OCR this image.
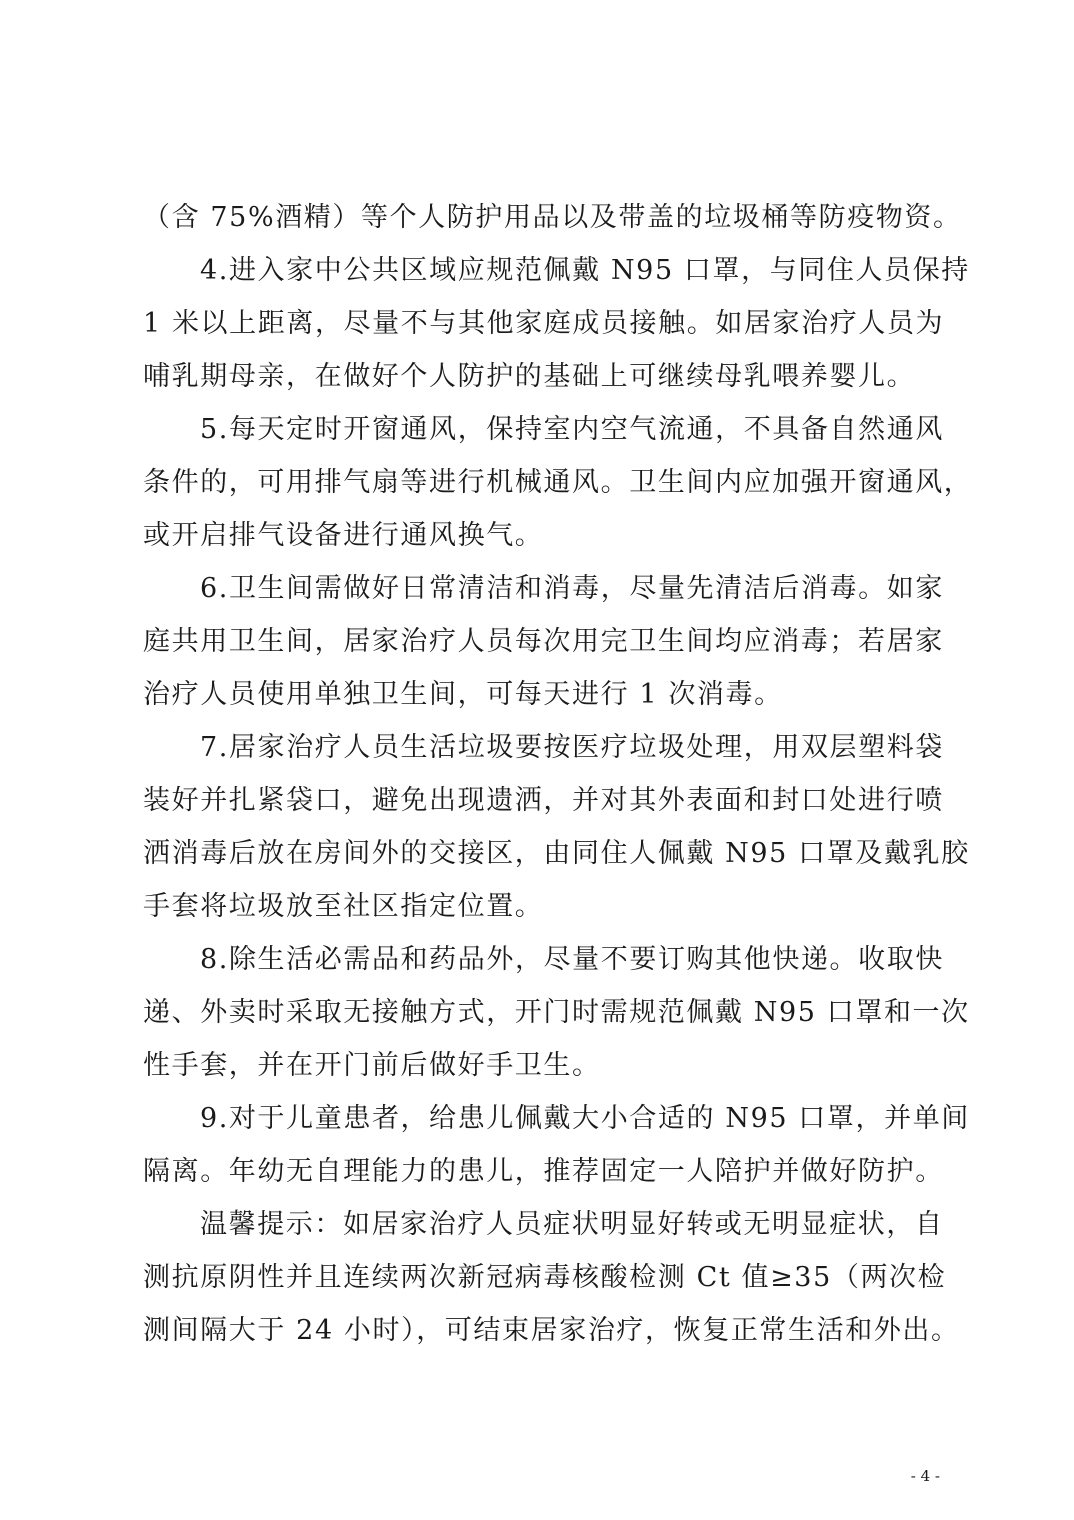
（含 75%酒精）等个人防护用品以及带盖的垃圾桶等防疫物资。
4.进入家中公共区域应规范佩戴 N95 口罩，与同住人员保持
1 米以上距离，尽量不与其他家庭成员接触。如居家治疗人员为
哺乳期母亲，在做好个人防护的基础上可继续母乳喂养婴儿。
5.每天定时开窗通风，保持室内空气流通，不具备自然通风
条件的，可用排气扇等进行机械通风。卫生间内应加强开窗通风，
或开启排气设备进行通风换气。
6.卫生间需做好日常清洁和消毒，尽量先清洁后消毒。如家
庭共用卫生间，居家治疗人员每次用完卫生间均应消毒；若居家
治疗人员使用单独卫生间，可每天进行 1 次消毒。
7.居家治疗人员生活垃圾要按医疗垃圾处理，用双层塑料袋
装好并扎紧袋口，避免出现遗洒，并对其外表面和封口处进行喷
洒消毒后放在房间外的交接区，由同住人佩戴 N95 口罩及戴乳胶
手套将垃圾放至社区指定位置。
8.除生活必需品和药品外，尽量不要订购其他快递。收取快
递、外卖时采取无接触方式，开门时需规范佩戴 N95 口罩和一次
性手套，并在开门前后做好手卫生。
9.对于儿童患者，给患儿佩戴大小合适的 N95 口罩，并单间
隔离。年幼无自理能力的患儿，推荐固定一人陪护并做好防护。
温馨提示：如居家治疗人员症状明显好转或无明显症状，自
测抗原阴性并且连续两次新冠病毒核酸检测 Ct 值≥35（两次检
测间隔大于 24 小时），可结束居家治疗，恢复正常生活和外出。
- 4 -
